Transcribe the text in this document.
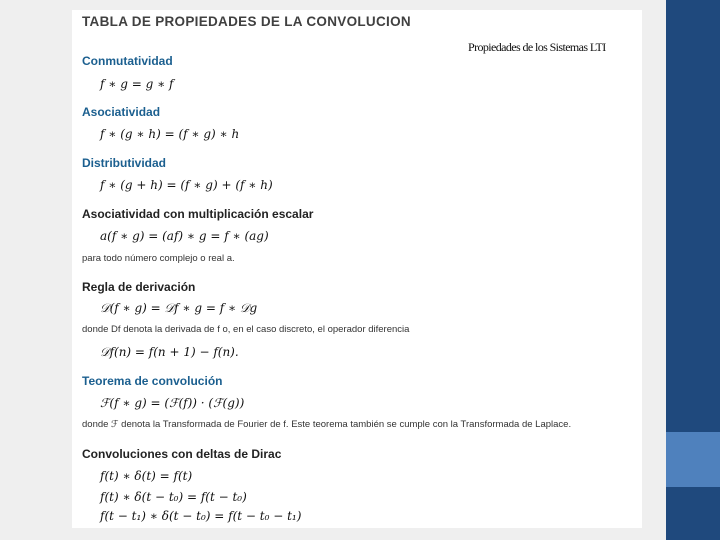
TABLA DE PROPIEDADES DE LA CONVOLUCION
Propiedades de los Sistemas LTI
Conmutatividad
f ∗ g = g ∗ f
Asociatividad
f ∗ (g ∗ h) = (f ∗ g) ∗ h
Distributividad
f ∗ (g + h) = (f ∗ g) + (f ∗ h)
Asociatividad con multiplicación escalar
a(f ∗ g) = (af) ∗ g = f ∗ (ag)
para todo número complejo o real a.
Regla de derivación
𝒟(f ∗ g) = 𝒟f ∗ g = f ∗ 𝒟g
donde Df denota la derivada de f o, en el caso discreto, el operador diferencia
𝒟f(n) = f(n + 1) − f(n).
Teorema de convolución
ℱ(f ∗ g) = (ℱ(f)) · (ℱ(g))
donde ℱ denota la Transformada de Fourier de f. Este teorema también se cumple con la Transformada de Laplace.
Convoluciones con deltas de Dirac
f(t) ∗ δ(t) = f(t)
f(t) ∗ δ(t − t₀) = f(t − t₀)
f(t − t₁) ∗ δ(t − t₀) = f(t − t₀ − t₁)
